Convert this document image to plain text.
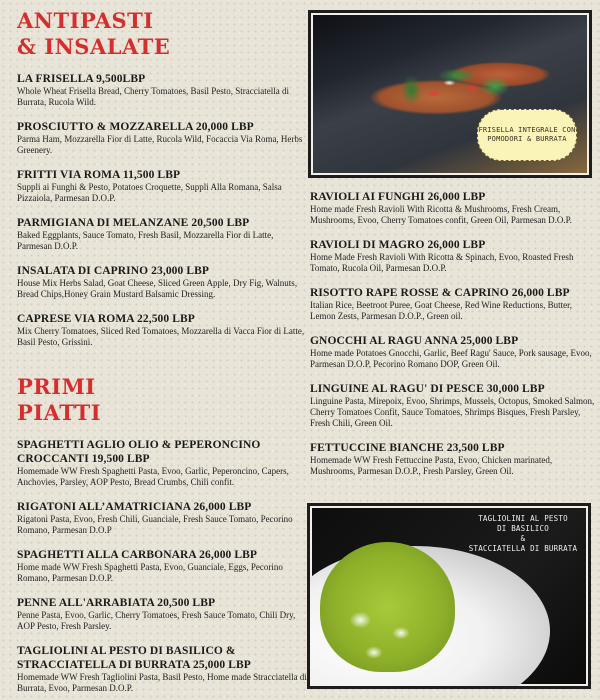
ANTIPASTI
& INSALATE
LA FRISELLA 9,500LBP
Whole Wheat Frisella Bread, Cherry Tomatoes, Basil Pesto, Stracciatella di Burrata, Rucola Wild.
PROSCIUTTO & MOZZARELLA 20,000 LBP
Parma Ham, Mozzarella Fior di Latte, Rucola Wild, Focaccia Via Roma, Herbs Greenery.
FRITTI VIA ROMA 11,500 LBP
Suppli ai Funghi & Pesto, Potatoes Croquette, Suppli Alla Romana, Salsa Pizzaiola, Parmesan D.O.P.
PARMIGIANA DI MELANZANE 20,500 LBP
Baked Eggplants, Sauce Tomato, Fresh Basil, Mozzarella Fior di Latte, Parmesan D.O.P.
INSALATA DI CAPRINO 23,000 LBP
House Mix Herbs Salad, Goat Cheese, Sliced Green Apple, Dry Fig, Walnuts, Bread Chips,Honey Grain Mustard Balsamic Dressing.
CAPRESE VIA ROMA 22,500 LBP
Mix Cherry Tomatoes, Sliced Red Tomatoes, Mozzarella di Vacca Fior di Latte, Basil Pesto, Grissini.
PRIMI
PIATTI
SPAGHETTI AGLIO OLIO & PEPERONCINO CROCCANTI 19,500 LBP
Homemade WW Fresh Spaghetti Pasta, Evoo, Garlic, Peperoncino, Capers, Anchovies, Parsley, AOP Pesto, Bread Crumbs, Chili confit.
RIGATONI ALL’AMATRICIANA 26,000 LBP
Rigatoni Pasta, Evoo, Fresh Chili, Guanciale, Fresh Sauce Tomato, Pecorino Romano, Parmesan D.O.P
SPAGHETTI ALLA CARBONARA 26,000 LBP
Home made WW Fresh Spaghetti Pasta, Evoo, Guanciale, Eggs, Pecorino Romano, Parmesan D.O.P.
PENNE ALL'ARRABIATA 20,500 LBP
Penne Pasta, Evoo, Garlic, Cherry Tomatoes, Fresh Sauce Tomato, Chili Dry, AOP Pesto, Fresh Parsley.
TAGLIOLINI AL PESTO DI BASILICO & STRACCIATELLA DI BURRATA 25,000 LBP
Homemade WW Fresh Tagliolini Pasta, Basil Pesto, Home made Stracciatella di Burrata, Evoo, Parmesan D.O.P.
FRISELLA INTEGRALE CON
POMODORI & BURRATA
RAVIOLI AI FUNGHI 26,000 LBP
Home made Fresh Ravioli With Ricotta & Mushrooms, Fresh Cream, Mushrooms, Evoo, Cherry Tomatoes confit, Green Oil, Parmesan D.O.P.
RAVIOLI DI MAGRO 26,000 LBP
Home Made Fresh Ravioli With Ricotta & Spinach, Evoo, Roasted Fresh Tomato, Rucola Oil, Parmesan D.O.P.
RISOTTO RAPE ROSSE & CAPRINO 26,000 LBP
Italian Rice, Beetroot Puree, Goat Cheese, Red Wine Reductions, Butter, Lemon Zests, Parmesan D.O.P., Green oil.
GNOCCHI AL RAGU ANNA 25,000 LBP
Home made Potatoes Gnocchi, Garlic, Beef Ragu' Sauce, Pork sausage, Evoo, Parmesan D.O.P, Pecorino Romano DOP, Green Oil.
LINGUINE AL RAGU' DI PESCE 30,000 LBP
Linguine Pasta, Mirepoix, Evoo, Shrimps, Mussels, Octopus, Smoked Salmon, Cherry Tomatoes Confit, Sauce Tomatoes, Shrimps Bisques, Fresh Parsley, Fresh Chili, Green Oil.
FETTUCCINE BIANCHE 23,500 LBP
Homemade WW Fresh Fettuccine Pasta, Evoo, Chicken marinated, Mushrooms, Parmesan D.O.P., Fresh Parsley, Green Oil.
TAGLIOLINI AL PESTO
DI BASILICO
&
STACCIATELLA DI BURRATA
